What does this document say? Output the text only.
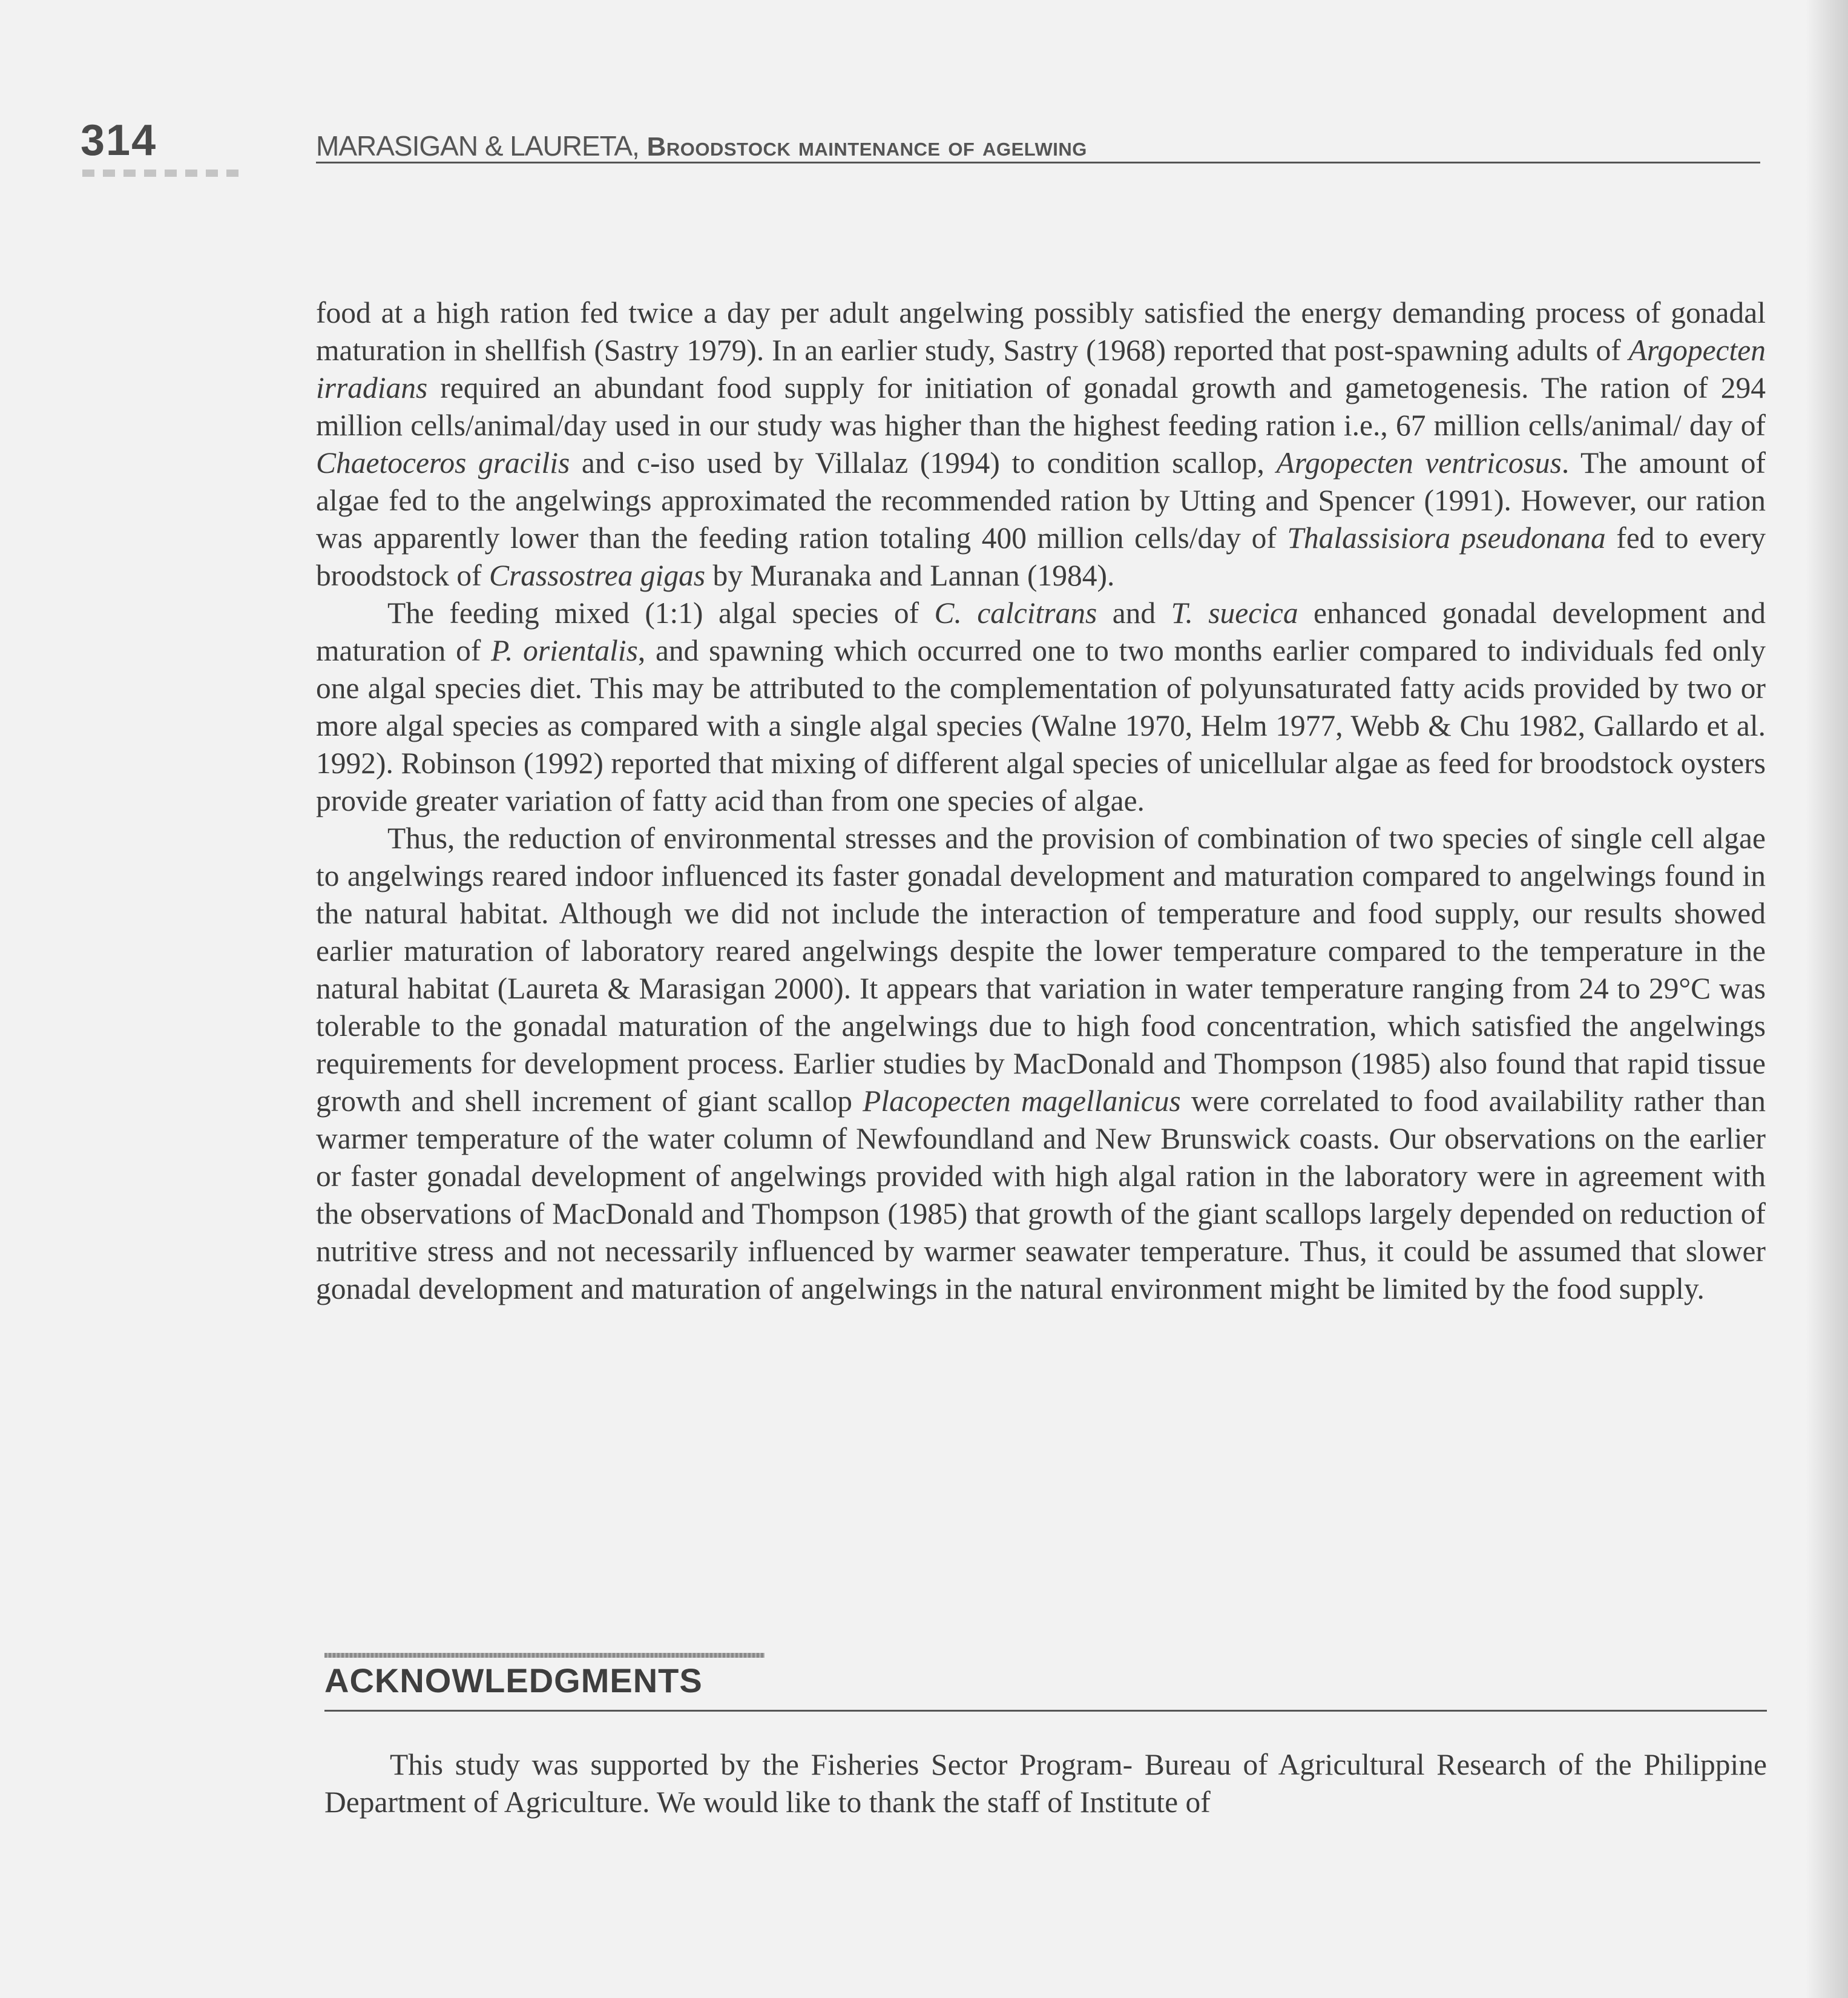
314	MARASIGAN & LAURETA, Broodstock maintenance of agelwing

food at a high ration fed twice a day per adult angelwing possibly satisfied the energy demanding process of gonadal maturation in shellfish (Sastry 1979). In an earlier study, Sastry (1968) reported that post-spawning adults of Argopecten irradians required an abundant food supply for initiation of gonadal growth and gametogenesis. The ration of 294 million cells/animal/day used in our study was higher than the highest feeding ration i.e., 67 million cells/animal/ day of Chaetoceros gracilis and c-iso used by Villalaz (1994) to condition scallop, Argopecten ventricosus. The amount of algae fed to the angelwings approximated the recommended ration by Utting and Spencer (1991). However, our ration was apparently lower than the feeding ration totaling 400 million cells/day of Thalassisiora pseudonana fed to every broodstock of Crassostrea gigas by Muranaka and Lannan (1984).

The feeding mixed (1:1) algal species of C. calcitrans and T. suecica enhanced gonadal development and maturation of P. orientalis, and spawning which occurred one to two months earlier compared to individuals fed only one algal species diet. This may be attributed to the complementation of polyunsaturated fatty acids provided by two or more algal species as compared with a single algal species (Walne 1970, Helm 1977, Webb & Chu 1982, Gallardo et al. 1992). Robinson (1992) reported that mixing of different algal species of unicellular algae as feed for broodstock oysters provide greater variation of fatty acid than from one species of algae.

Thus, the reduction of environmental stresses and the provision of combination of two species of single cell algae to angelwings reared indoor influenced its faster gonadal development and maturation compared to angelwings found in the natural habitat. Although we did not include the interaction of temperature and food supply, our results showed earlier maturation of laboratory reared angelwings despite the lower temperature compared to the temperature in the natural habitat (Laureta & Marasigan 2000). It appears that variation in water temperature ranging from 24 to 29°C was tolerable to the gonadal maturation of the angelwings due to high food concentration, which satisfied the angelwings requirements for development process. Earlier studies by MacDonald and Thompson (1985) also found that rapid tissue growth and shell increment of giant scallop Placopecten magellanicus were correlated to food availability rather than warmer temperature of the water column of Newfoundland and New Brunswick coasts. Our observations on the earlier or faster gonadal development of angelwings provided with high algal ration in the laboratory were in agreement with the observations of MacDonald and Thompson (1985) that growth of the giant scallops largely depended on reduction of nutritive stress and not necessarily influenced by warmer seawater temperature. Thus, it could be assumed that slower gonadal development and maturation of angelwings in the natural environment might be limited by the food supply.

ACKNOWLEDGMENTS

This study was supported by the Fisheries Sector Program- Bureau of Agricultural Research of the Philippine Department of Agriculture. We would like to thank the staff of Institute of
